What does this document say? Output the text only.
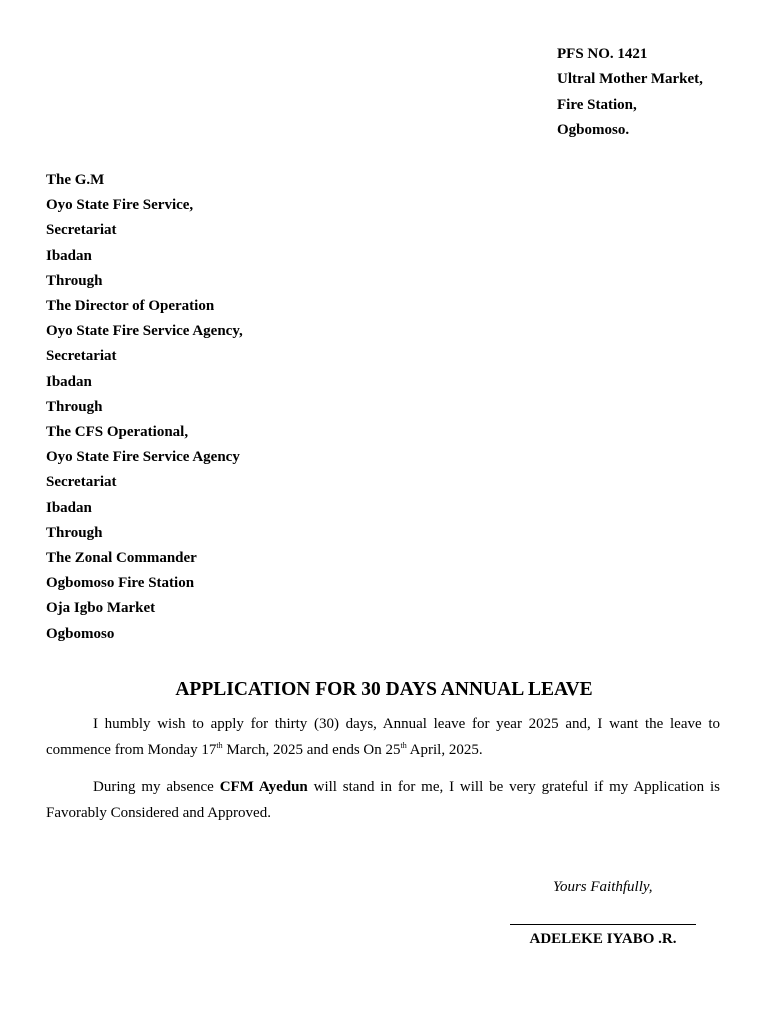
PFS NO. 1421
Ultral Mother Market,
Fire Station,
Ogbomoso.
The G.M
Oyo State Fire Service,
Secretariat
Ibadan
Through
The Director of Operation
Oyo State Fire Service Agency,
Secretariat
Ibadan
Through
The CFS Operational,
Oyo State Fire Service Agency
Secretariat
Ibadan
Through
The Zonal Commander
Ogbomoso Fire Station
Oja Igbo Market
Ogbomoso
APPLICATION FOR 30 DAYS ANNUAL LEAVE

I humbly wish to apply for thirty (30) days, Annual leave for year 2025 and, I want the leave to commence from Monday 17th March, 2025 and ends On 25th April, 2025.

During my absence CFM Ayedun will stand in for me, I will be very grateful if my Application is Favorably Considered and Approved.

Yours Faithfully,
ADELEKE IYABO .R.
